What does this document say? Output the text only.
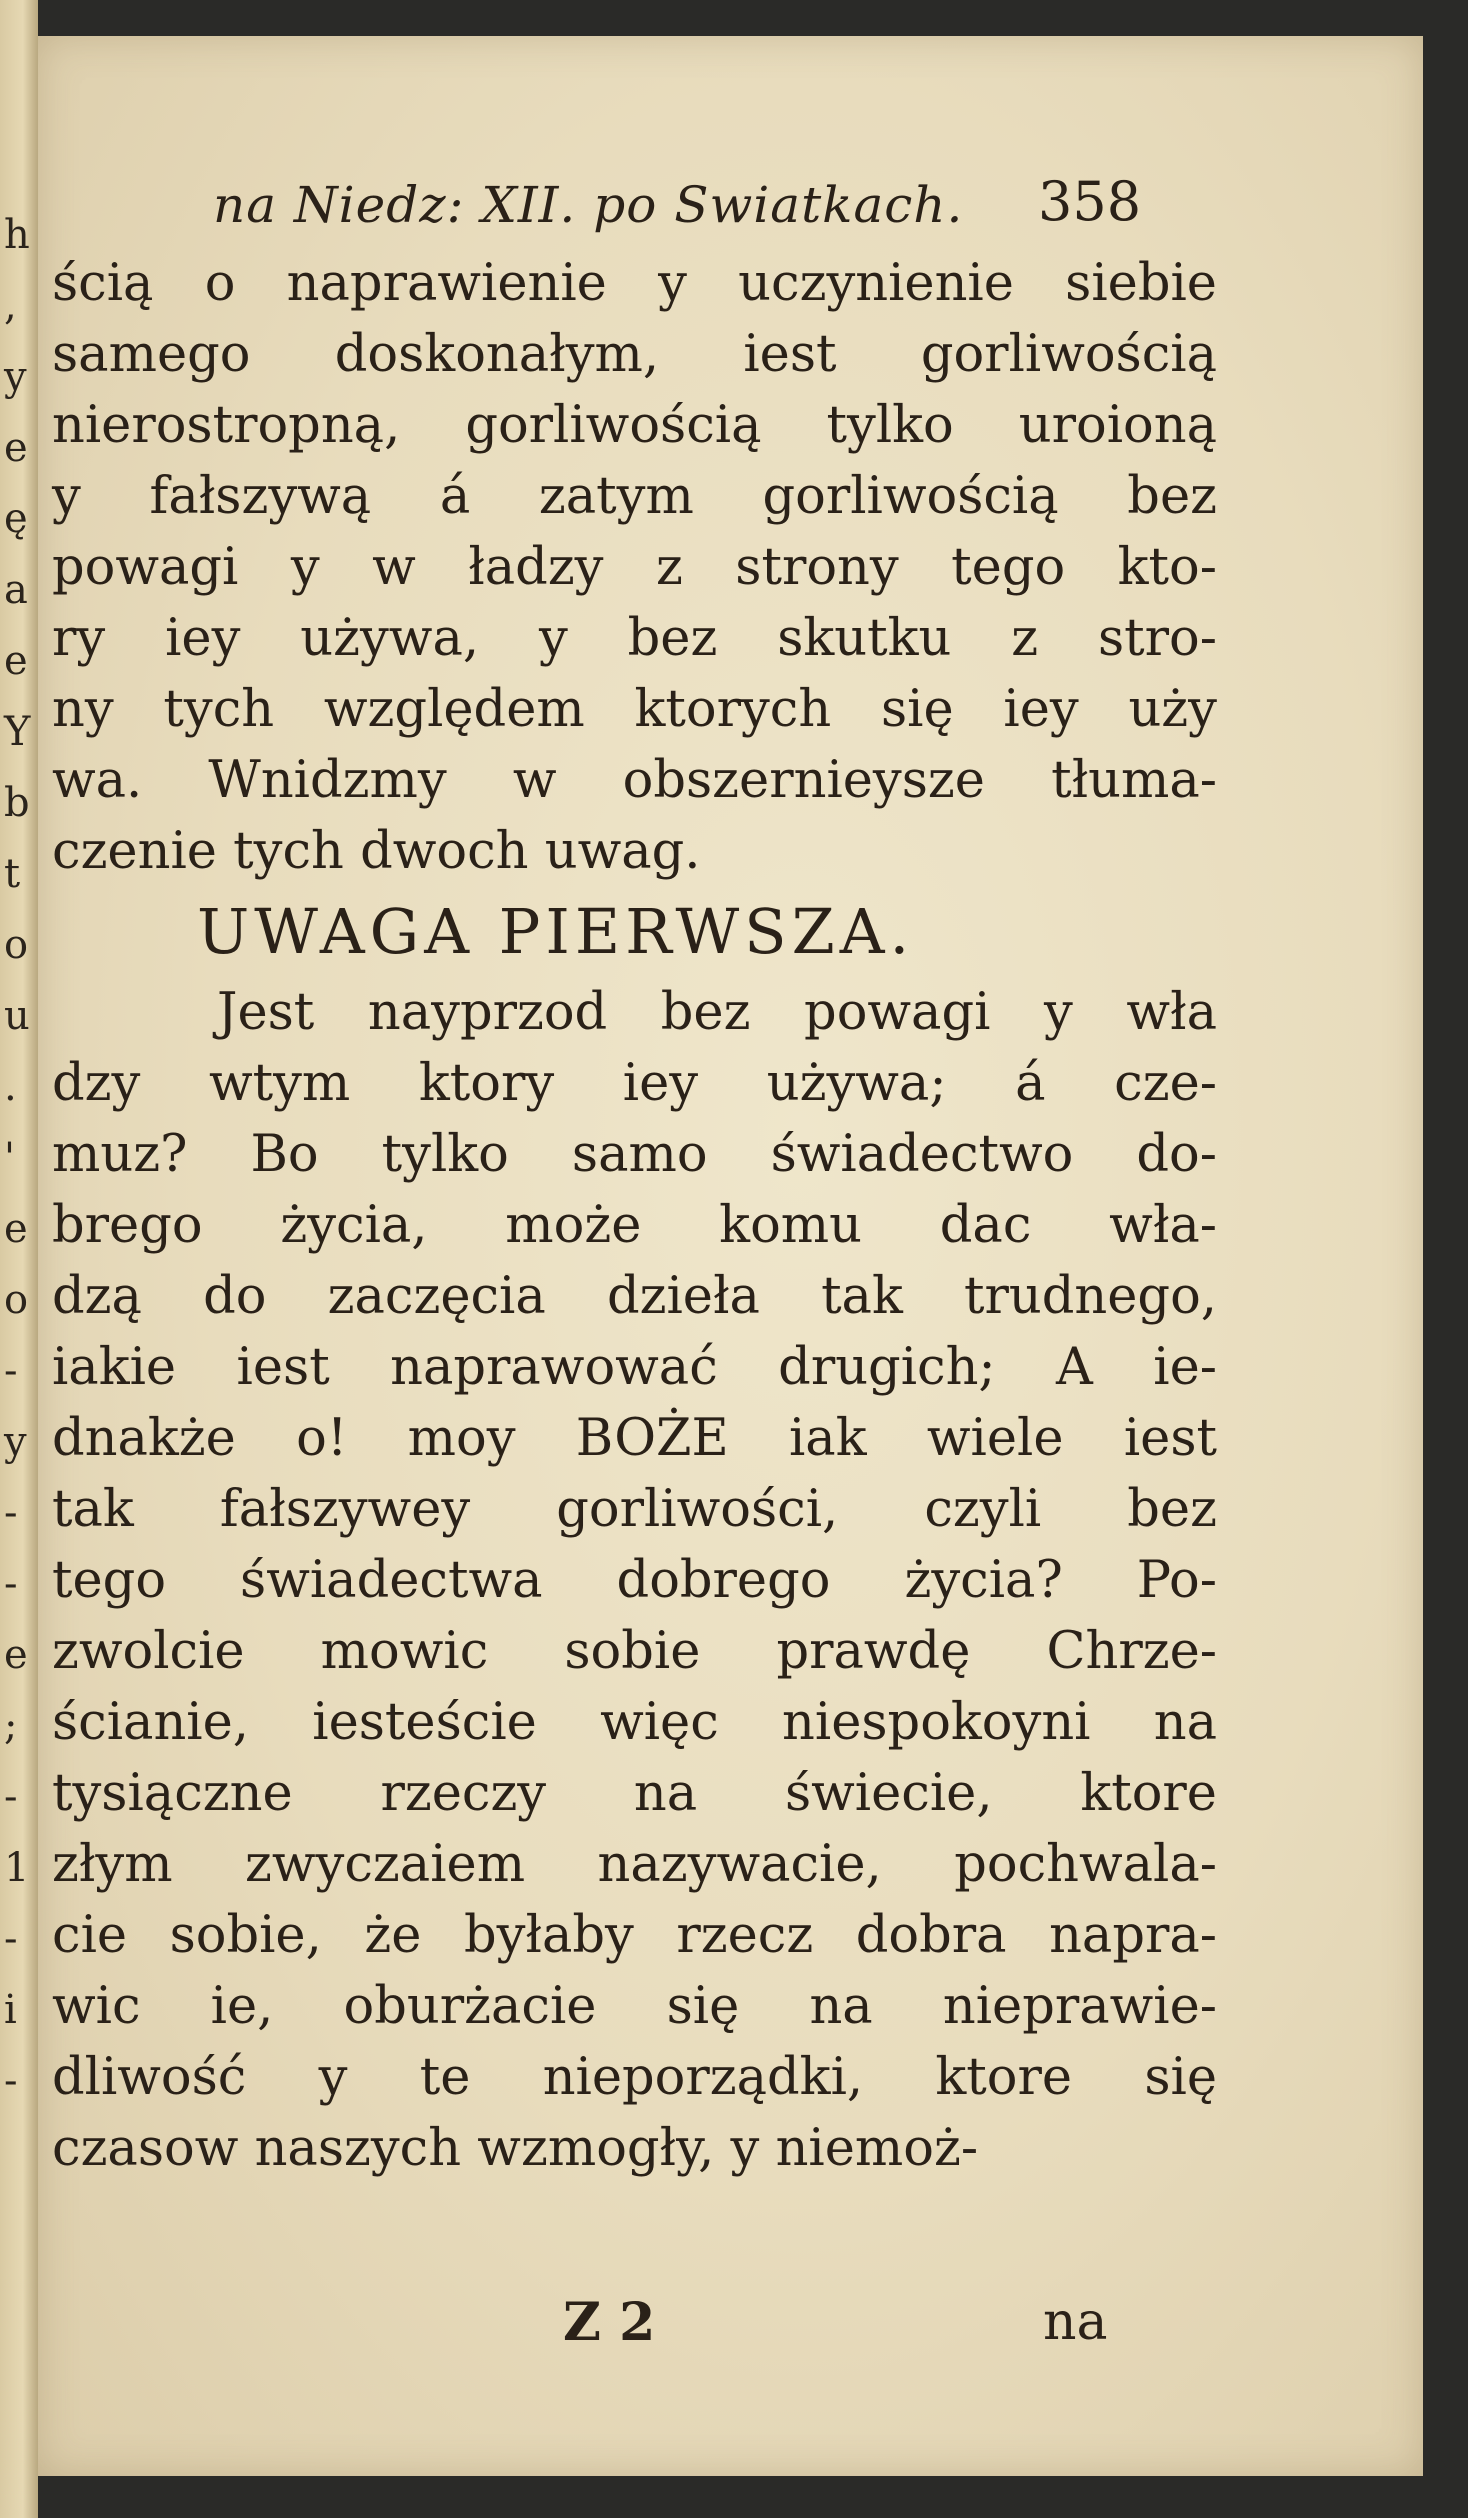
h
,
y
e
ę
a
e
Y
b
t
o
u
.
'
e
o
-
y
-
-
e
;
-
1
-
i
-
na Niedz: XII. po Swiatkach. 358
ścią o naprawienie y uczynienie siebie
samego doskonałym, iest gorliwością
nierostropną, gorliwością tylko uroioną
y fałszywą á zatym gorliwością bez
powagi y w ładzy z strony tego kto-
ry iey używa, y bez skutku z stro-
ny tych względem ktorych się iey uży
wa. Wnidzmy w obszernieysze tłuma-
czenie tych dwoch uwag.
UWAGA PIERWSZA.
Jest nayprzod bez powagi y wła
dzy wtym ktory iey używa; á cze-
muz? Bo tylko samo świadectwo do-
brego życia, może komu dac wła-
dzą do zaczęcia dzieła tak trudnego,
iakie iest naprawować drugich; A ie-
dnakże o! moy BOŻE iak wiele iest
tak fałszywey gorliwości, czyli bez
tego świadectwa dobrego życia? Po-
zwolcie mowic sobie prawdę Chrze-
ścianie, iesteście więc niespokoyni na
tysiączne rzeczy na świecie, ktore
złym zwyczaiem nazywacie, pochwala-
cie sobie, że byłaby rzecz dobra napra-
wic ie, oburżacie się na nieprawie-
dliwość y te nieporządki, ktore się
czasow naszych wzmogły, y niemoż-
Z 2	na
